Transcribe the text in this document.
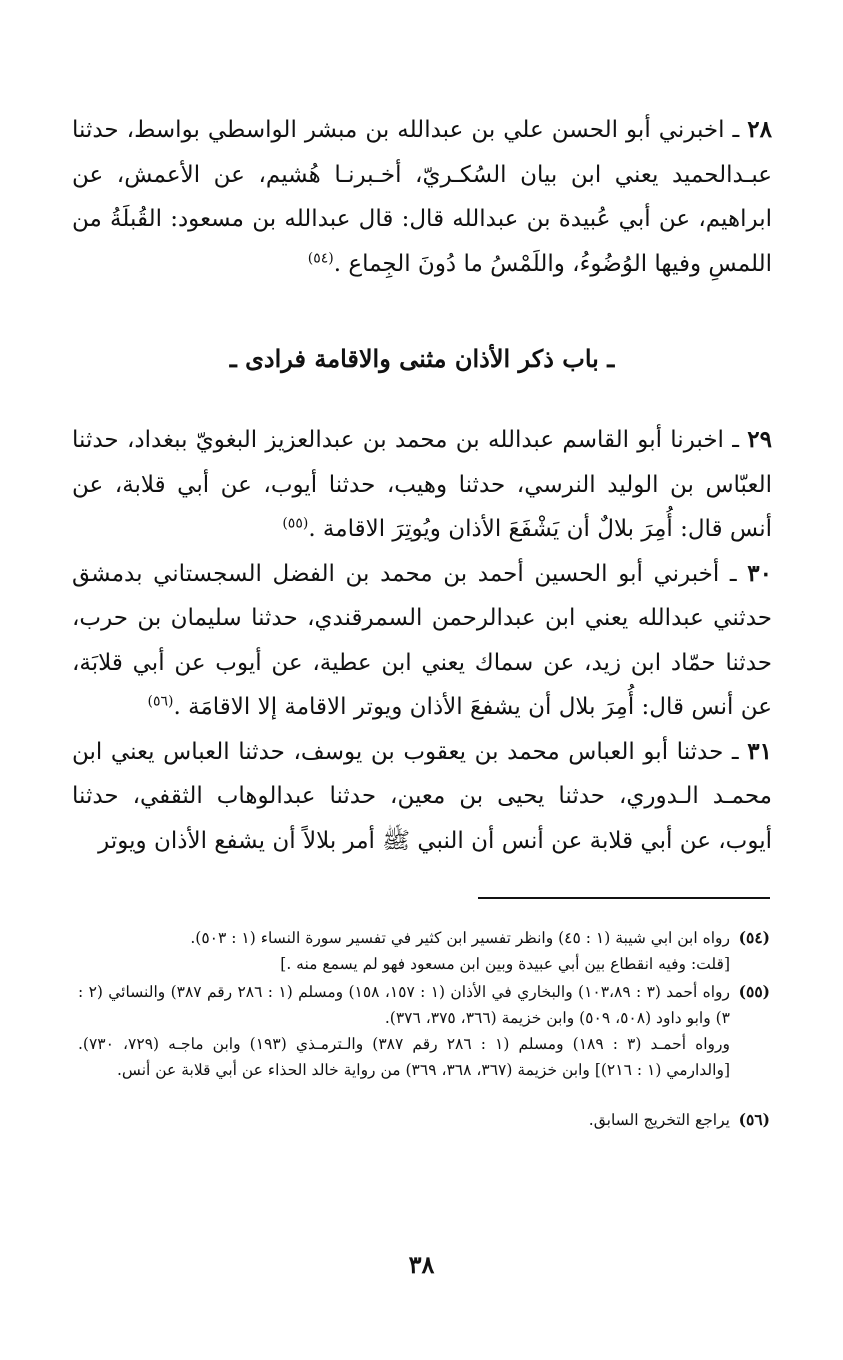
٢٨ ـ اخبرني أبو الحسن علي بن عبدالله بن مبشر الواسطي بواسط، حدثنا عبـدالحميد يعني ابن بيان السُكـريّ، أخـبرنـا هُشيم، عن الأعمش، عن ابراهيم، عن أبي عُبيدة بن عبدالله قال: قال عبدالله بن مسعود: القُبلَةُ من اللمسِ وفيها الوُضُوءُ، واللَمْسُ ما دُونَ الجِماع .$^{(٥٤)}$

ـ باب ذكر الأذان مثنى والاقامة فرادى ـ

٢٩ ـ اخبرنا أبو القاسم عبدالله بن محمد بن عبدالعزيز البغويّ ببغداد، حدثنا العبّاس بن الوليد النرسي، حدثنا وهيب، حدثنا أيوب، عن أبي قلابة، عن أنس قال: أُمِرَ بلالٌ أن يَشْفَعَ الأذان ويُوتِرَ الاقامة .$^{(٥٥)}$

٣٠ ـ أخبرني أبو الحسين أحمد بن محمد بن الفضل السجستاني بدمشق حدثني عبدالله يعني ابن عبدالرحمن السمرقندي، حدثنا سليمان بن حرب، حدثنا حمّاد ابن زيد، عن سماك يعني ابن عطية، عن أيوب عن أبي قلابَة، عن أنس قال: أُمِرَ بلال أن يشفعَ الأذان ويوتر الاقامة إلا الاقامَة .$^{(٥٦)}$

٣١ ـ حدثنا أبو العباس محمد بن يعقوب بن يوسف، حدثنا العباس يعني ابن محمـد الـدوري، حدثنا يحيى بن معين، حدثنا عبدالوهاب الثقفي، حدثنا أيوب، عن أبي قلابة عن أنس أن النبي ﷺ أمر بلالاً أن يشفع الأذان ويوتر

(٥٤)
رواه ابن ابي شيبة (١ : ٤٥) وانظر تفسير ابن كثير في تفسير سورة النساء (١ : ٥٠٣).
[قلت: وفيه انقطاع بين أبي عبيدة وبين ابن مسعود فهو لم يسمع منه .]
(٥٥)
رواه أحمد (٣ : ١٠٣،٨٩) والبخاري في الأذان (١ : ١٥٧، ١٥٨) ومسلم (١ : ٢٨٦ رقم ٣٨٧) والنسائي (٢ : ٣) وابو داود (٥٠٨، ٥٠٩) وابن خزيمة (٣٦٦، ٣٧٥، ٣٧٦).
ورواه أحمـد (٣ : ١٨٩) ومسلم (١ : ٢٨٦ رقم ٣٨٧) والـترمـذي (١٩٣) وابن ماجـه (٧٢٩، ٧٣٠). [والدارمي (١ : ٢١٦)] وابن خزيمة (٣٦٧، ٣٦٨، ٣٦٩) من رواية خالد الحذاء عن أبي قلابة عن أنس.
(٥٦)
يراجع التخريج السابق.
٣٨
